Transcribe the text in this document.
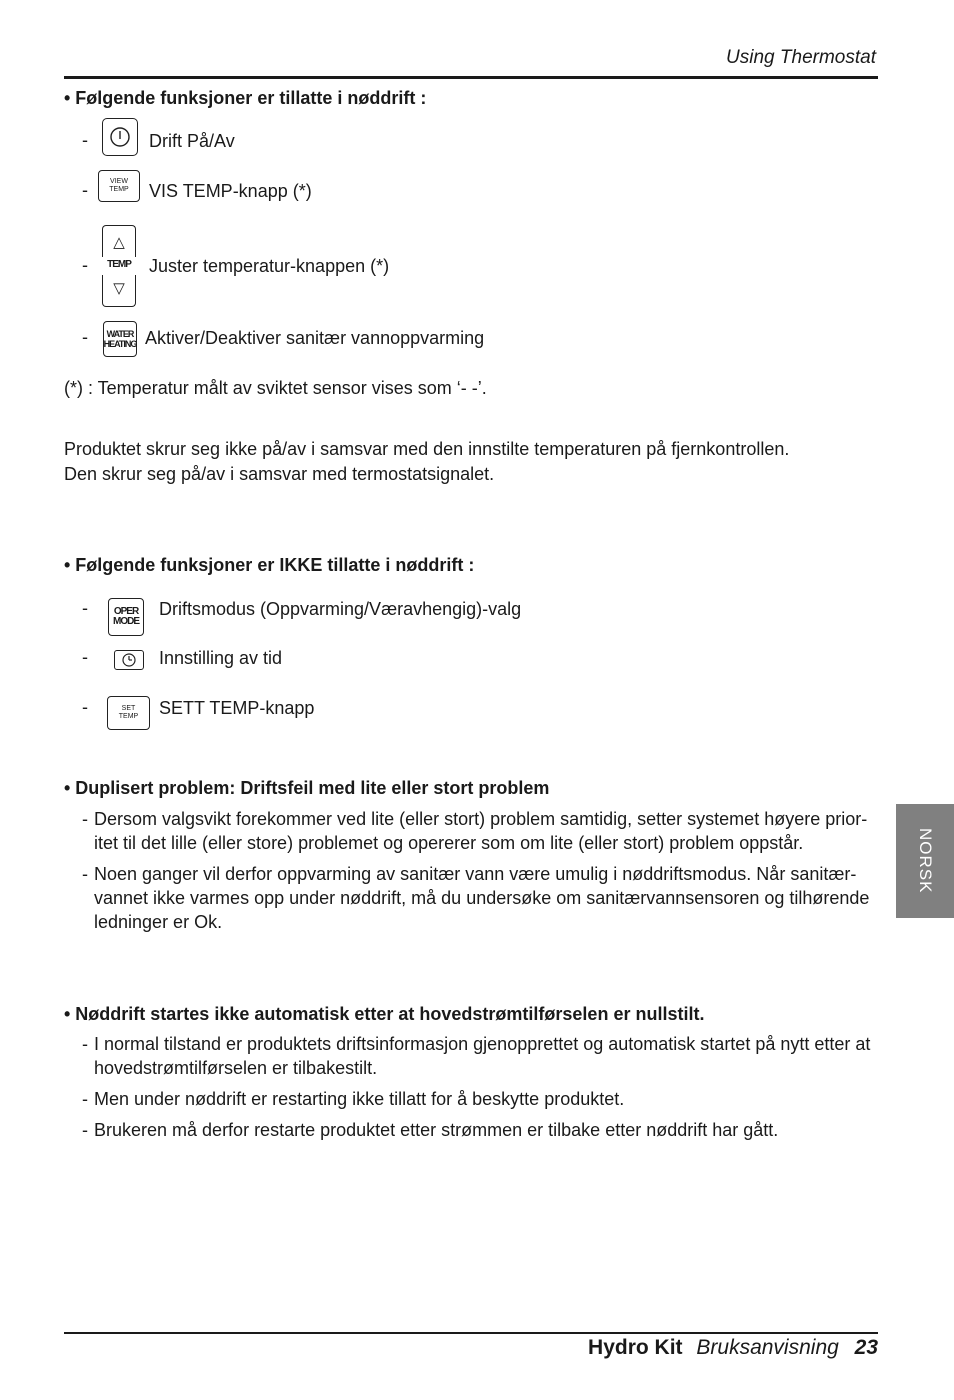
Using Thermostat
• Følgende funksjoner er tillatte i nøddrift :
-	Drift På/Av
-	VIEW
TEMP VIS TEMP-knapp (*)
-
△
TEMP
▽
Juster temperatur-knappen (*)
-	WATER
HEATING Aktiver/Deaktiver sanitær vannoppvarming
(*) : Temperatur målt av sviktet sensor vises som ‘- -’.
Produktet skrur seg ikke på/av i samsvar med den innstilte temperaturen på fjernkontrollen.
Den skrur seg på/av i samsvar med termostatsignalet.
• Følgende funksjoner er IKKE tillatte i nøddrift :
-	OPER
MODE
Driftsmodus (Oppvarming/Væravhengig)-valg
-	Innstilling av tid
-	SET
TEMP SETT TEMP-knapp
• Duplisert problem: Driftsfeil med lite eller stort problem
- Dersom valgsvikt forekommer ved lite (eller stort) problem samtidig, setter systemet høyere prior-
itet til det lille (eller store) problemet og opererer som om lite (eller stort) problem oppstår.
- Noen ganger vil derfor oppvarming av sanitær vann være umulig i nøddriftsmodus. Når sanitær-
vannet ikke varmes opp under nøddrift, må du undersøke om sanitærvannsensoren og tilhørende
ledninger er Ok.
• Nøddrift startes ikke automatisk etter at hovedstrømtilførselen er nullstilt.
- I normal tilstand er produktets driftsinformasjon gjenopprettet og automatisk startet på nytt etter at
hovedstrømtilførselen er tilbakestilt.
- Men under nøddrift er restarting ikke tillatt for å beskytte produktet.
- Brukeren må derfor restarte produktet etter strømmen er tilbake etter nøddrift har gått.
NORSK
Hydro Kit Bruksanvisning 23
